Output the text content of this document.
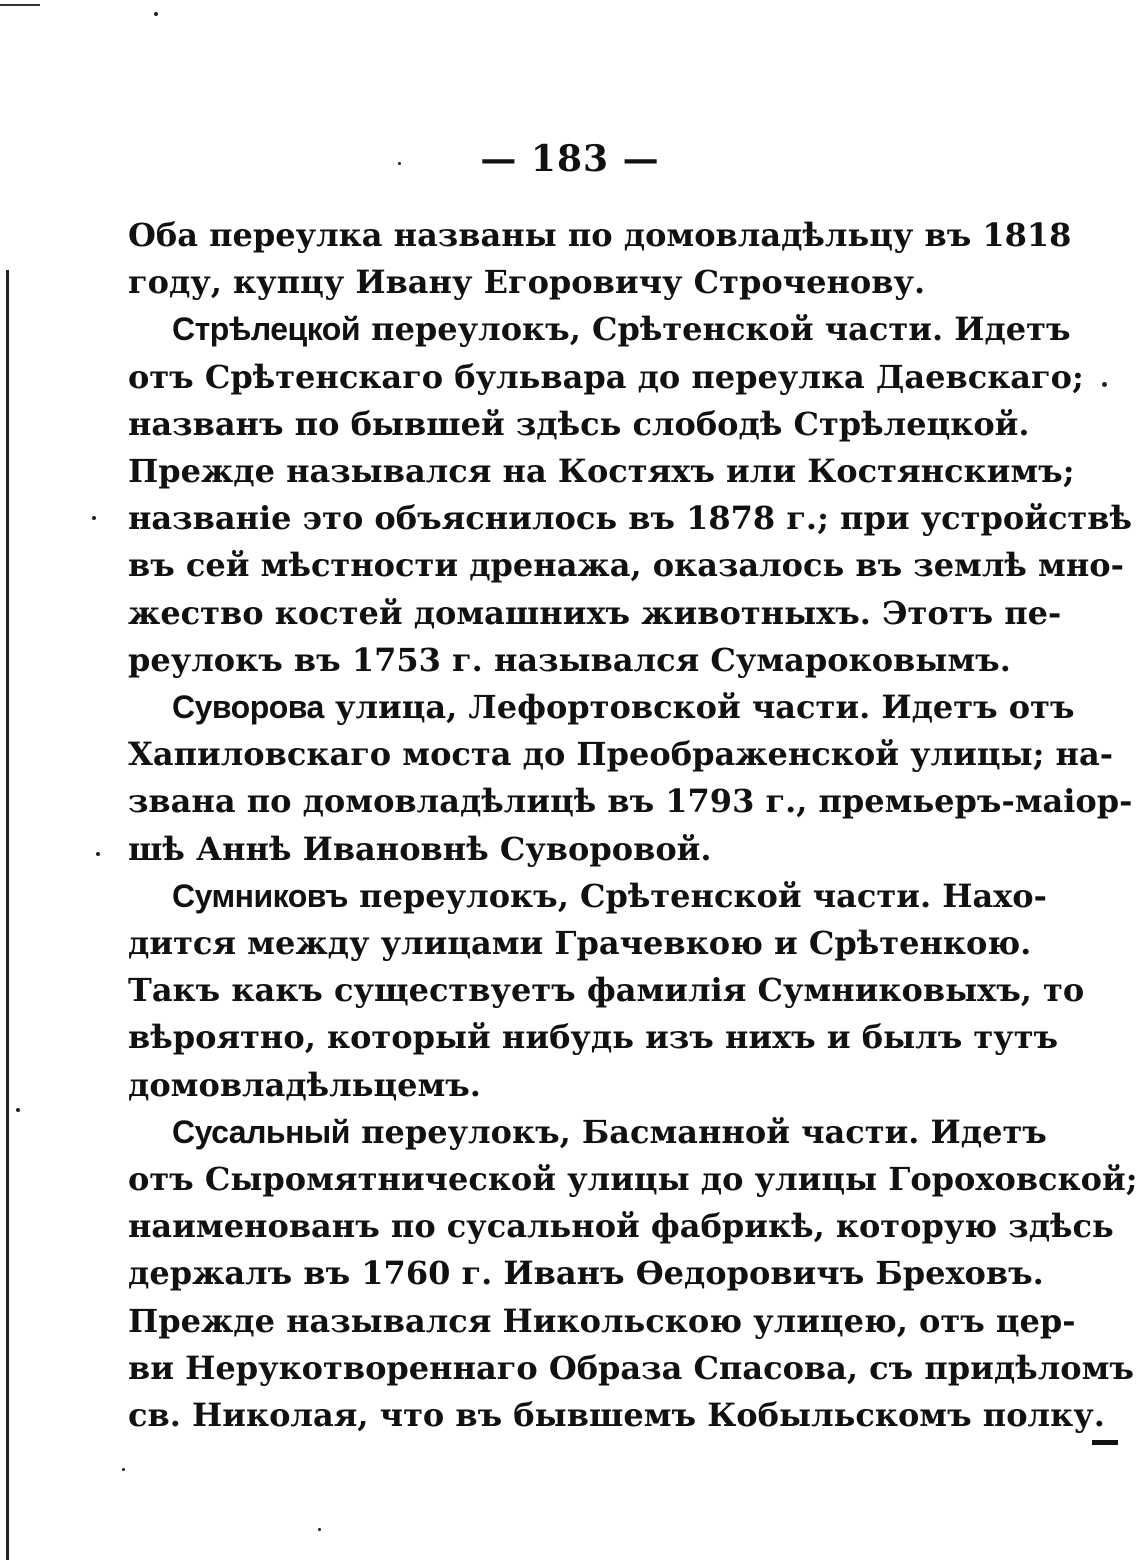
— 183 —

Оба переулка названы по домовладѣльцу въ 1818
году, купцу Ивану Егоровичу Строченову.

Стрѣлецкой переулокъ, Срѣтенской части. Идетъ
отъ Срѣтенскаго бульвара до переулка Даевскаго;
названъ по бывшей здѣсь слободѣ Стрѣлецкой.
Прежде назывался на Костяхъ или Костянскимъ;
названіе это объяснилось въ 1878 г.; при устройствѣ
въ сей мѣстности дренажа, оказалось въ землѣ мно-
жество костей домашнихъ животныхъ. Этотъ пе-
реулокъ въ 1753 г. назывался Сумароковымъ.

Суворова улица, Лефортовской части. Идетъ отъ
Хапиловскаго моста до Преображенской улицы; на-
звана по домовладѣлицѣ въ 1793 г., премьеръ-маіор-
шѣ Аннѣ Ивановнѣ Суворовой.

Сумниковъ переулокъ, Срѣтенской части. Нахо-
дится между улицами Грачевкою и Срѣтенкою.
Такъ какъ существуетъ фамилія Сумниковыхъ, то
вѣроятно, который нибудь изъ нихъ и былъ тутъ
домовладѣльцемъ.

Сусальный переулокъ, Басманной части. Идетъ
отъ Сыромятнической улицы до улицы Гороховской;
наименованъ по сусальной фабрикѣ, которую здѣсь
держалъ въ 1760 г. Иванъ Ѳедоровичъ Бреховъ.
Прежде назывался Никольскою улицею, отъ цер-
ви Нерукотвореннаго Образа Спасова, съ придѣломъ
св. Николая, что въ бывшемъ Кобыльскомъ полку.
